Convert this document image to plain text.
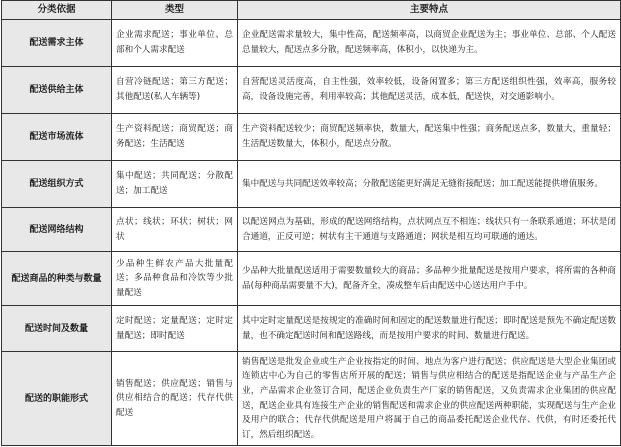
分类依据	类型	主要特点
配送需求主体	企业需求配送；事业单位、总部和个人需求配送	企业配送需求量较大，集中性高，配送频率高，以商贸企业配送为主；事业单位、总部、个人配送总量较大，配送点多分散，配送频率高，体积小，以快递为主。
配送供给主体	自营冷链配送；第三方配送；其他配送(私人车辆等)	自营配送灵活度高，自主性强，效率较低，设备闲置多；第三方配送组织性强，效率高，服务较高，设备设施完善，利用率较高；其他配送灵活，成本低，配送快，对交通影响小。
配送市场流体	生产资料配送；商贸配送；商务配送；生活配送	生产资料配送较少；商贸配送频率快，数量大，配送集中性强；商务配送点多，数量大，重量轻；生活配送数量大，体积小，配送点分散。
配送组织方式	集中配送；共同配送；分散配送；加工配送	集中配送与共同配送效率较高；分散配送能更好满足无缝衔接配送；加工配送能提供增值服务。
配送网络结构	点状；线状；环状；树状；网状	以配送网点为基础，形成的配送网络结构，点状网点互不相连；线状只有一条联系通道；环状是闭合通道，正反可逆；树状有主干通道与支路通道；网状是相互均可联通的通达。
配送商品的种类与数量	少品种生鲜农产品大批量配送；多品种食品和冷饮等少批量配送	少品种大批量配送适用于需要数量较大的商品；多品种少批量配送是按用户要求，将所需的各种商品(每种商品需要量不大)，配备齐全，凑成整车后由配送中心送达用户手中。
配送时间及数量	定时配送；定量配送；定时定量配送；即时配送	其中定时定量配送是按规定的准确时间和固定的配送数量进行配送；即时配送是预先不确定配送数量，也不确定配送时间和配送路线，而是按用户要求的时间、数量进行配送。
配送的职能形式	销售配送；供应配送；销售与供应相结合的配送；代存代供配送	销售配送是批发企业或生产企业按指定的时间、地点为客户进行配送；供应配送是大型企业集团或连锁店中心为自己的零售店所开展的配送；销售与供应相结合的配送是指配送企业与产品生产企业，产品需求企业签订合同，配送企业负责生产厂家的销售配送，又负责需求企业集团的供应配送，配送企业具有连接生产企业的销售配送和需求企业的供应配送两种职能，实现配送与生产企业及用户的联合；代存代供配送是用户将属于自己的商品委托配送企业代存、代供，有时还委托代订，然后组织配送。
